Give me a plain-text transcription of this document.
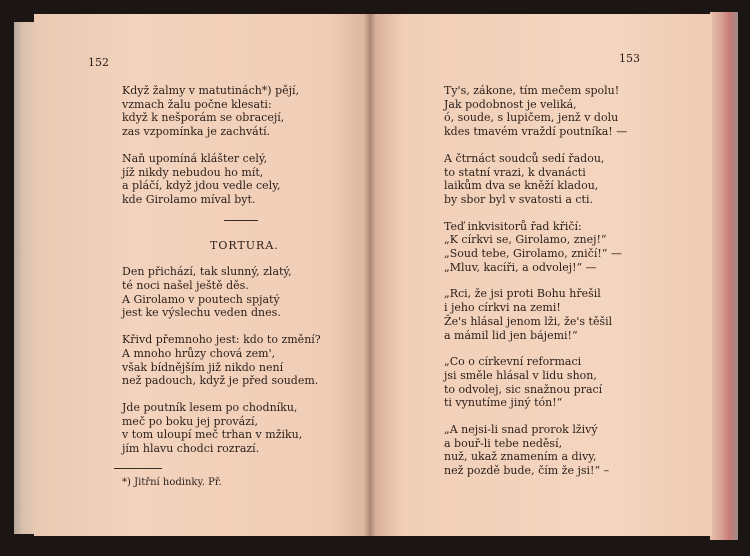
152
Když žalmy v matutinách*) pějí,
vzmach žalu počne klesati:
když k nešporám se obracejí,
zas vzpomínka je zachvátí.
Naň upomíná klášter celý,
jíž nikdy nebudou ho mít,
a pláčí, když jdou vedle cely,
kde Girolamo míval byt.
TORTURA.
Den přichází, tak slunný, zlatý,
té noci našel ještě děs.
A Girolamo v poutech spjatý
jest ke výslechu veden dnes.
Křivd přemnoho jest: kdo to změní?
A mnoho hrůzy chová zem',
však bídnějším již nikdo není
než padouch, když je před soudem.
Jde poutník lesem po chodníku,
meč po boku jej provází,
v tom uloupí meč trhan v mžiku,
jím hlavu chodci rozrazí.
*) Jitřní hodinky. Př.
153
Ty's, zákone, tím mečem spolu!
Jak podobnost je veliká,
ó, soude, s lupičem, jenž v dolu
kdes tmavém vraždí poutníka! —
A čtrnáct soudců sedí řadou,
to statní vrazi, k dvanácti
laikům dva se kněží kladou,
by sbor byl v svatosti a cti.
Teď inkvisitorů řad křičí:
„K církvi se, Girolamo, znej!“
„Soud tebe, Girolamo, zničí!“ —
„Mluv, kacíři, a odvolej!“ —
„Rci, že jsi proti Bohu hřešil
i jeho církvi na zemi!
Že's hlásal jenom lži, že's těšil
a mámil lid jen bájemi!“
„Co o církevní reformaci
jsi směle hlásal v lidu shon,
to odvolej, sic snažnou prací
ti vynutíme jiný tón!“
„A nejsi-li snad prorok lživý
a bouř-li tebe neděsí,
nuž, ukaž znamením a divy,
než pozdě bude, čím že jsi!“ –
